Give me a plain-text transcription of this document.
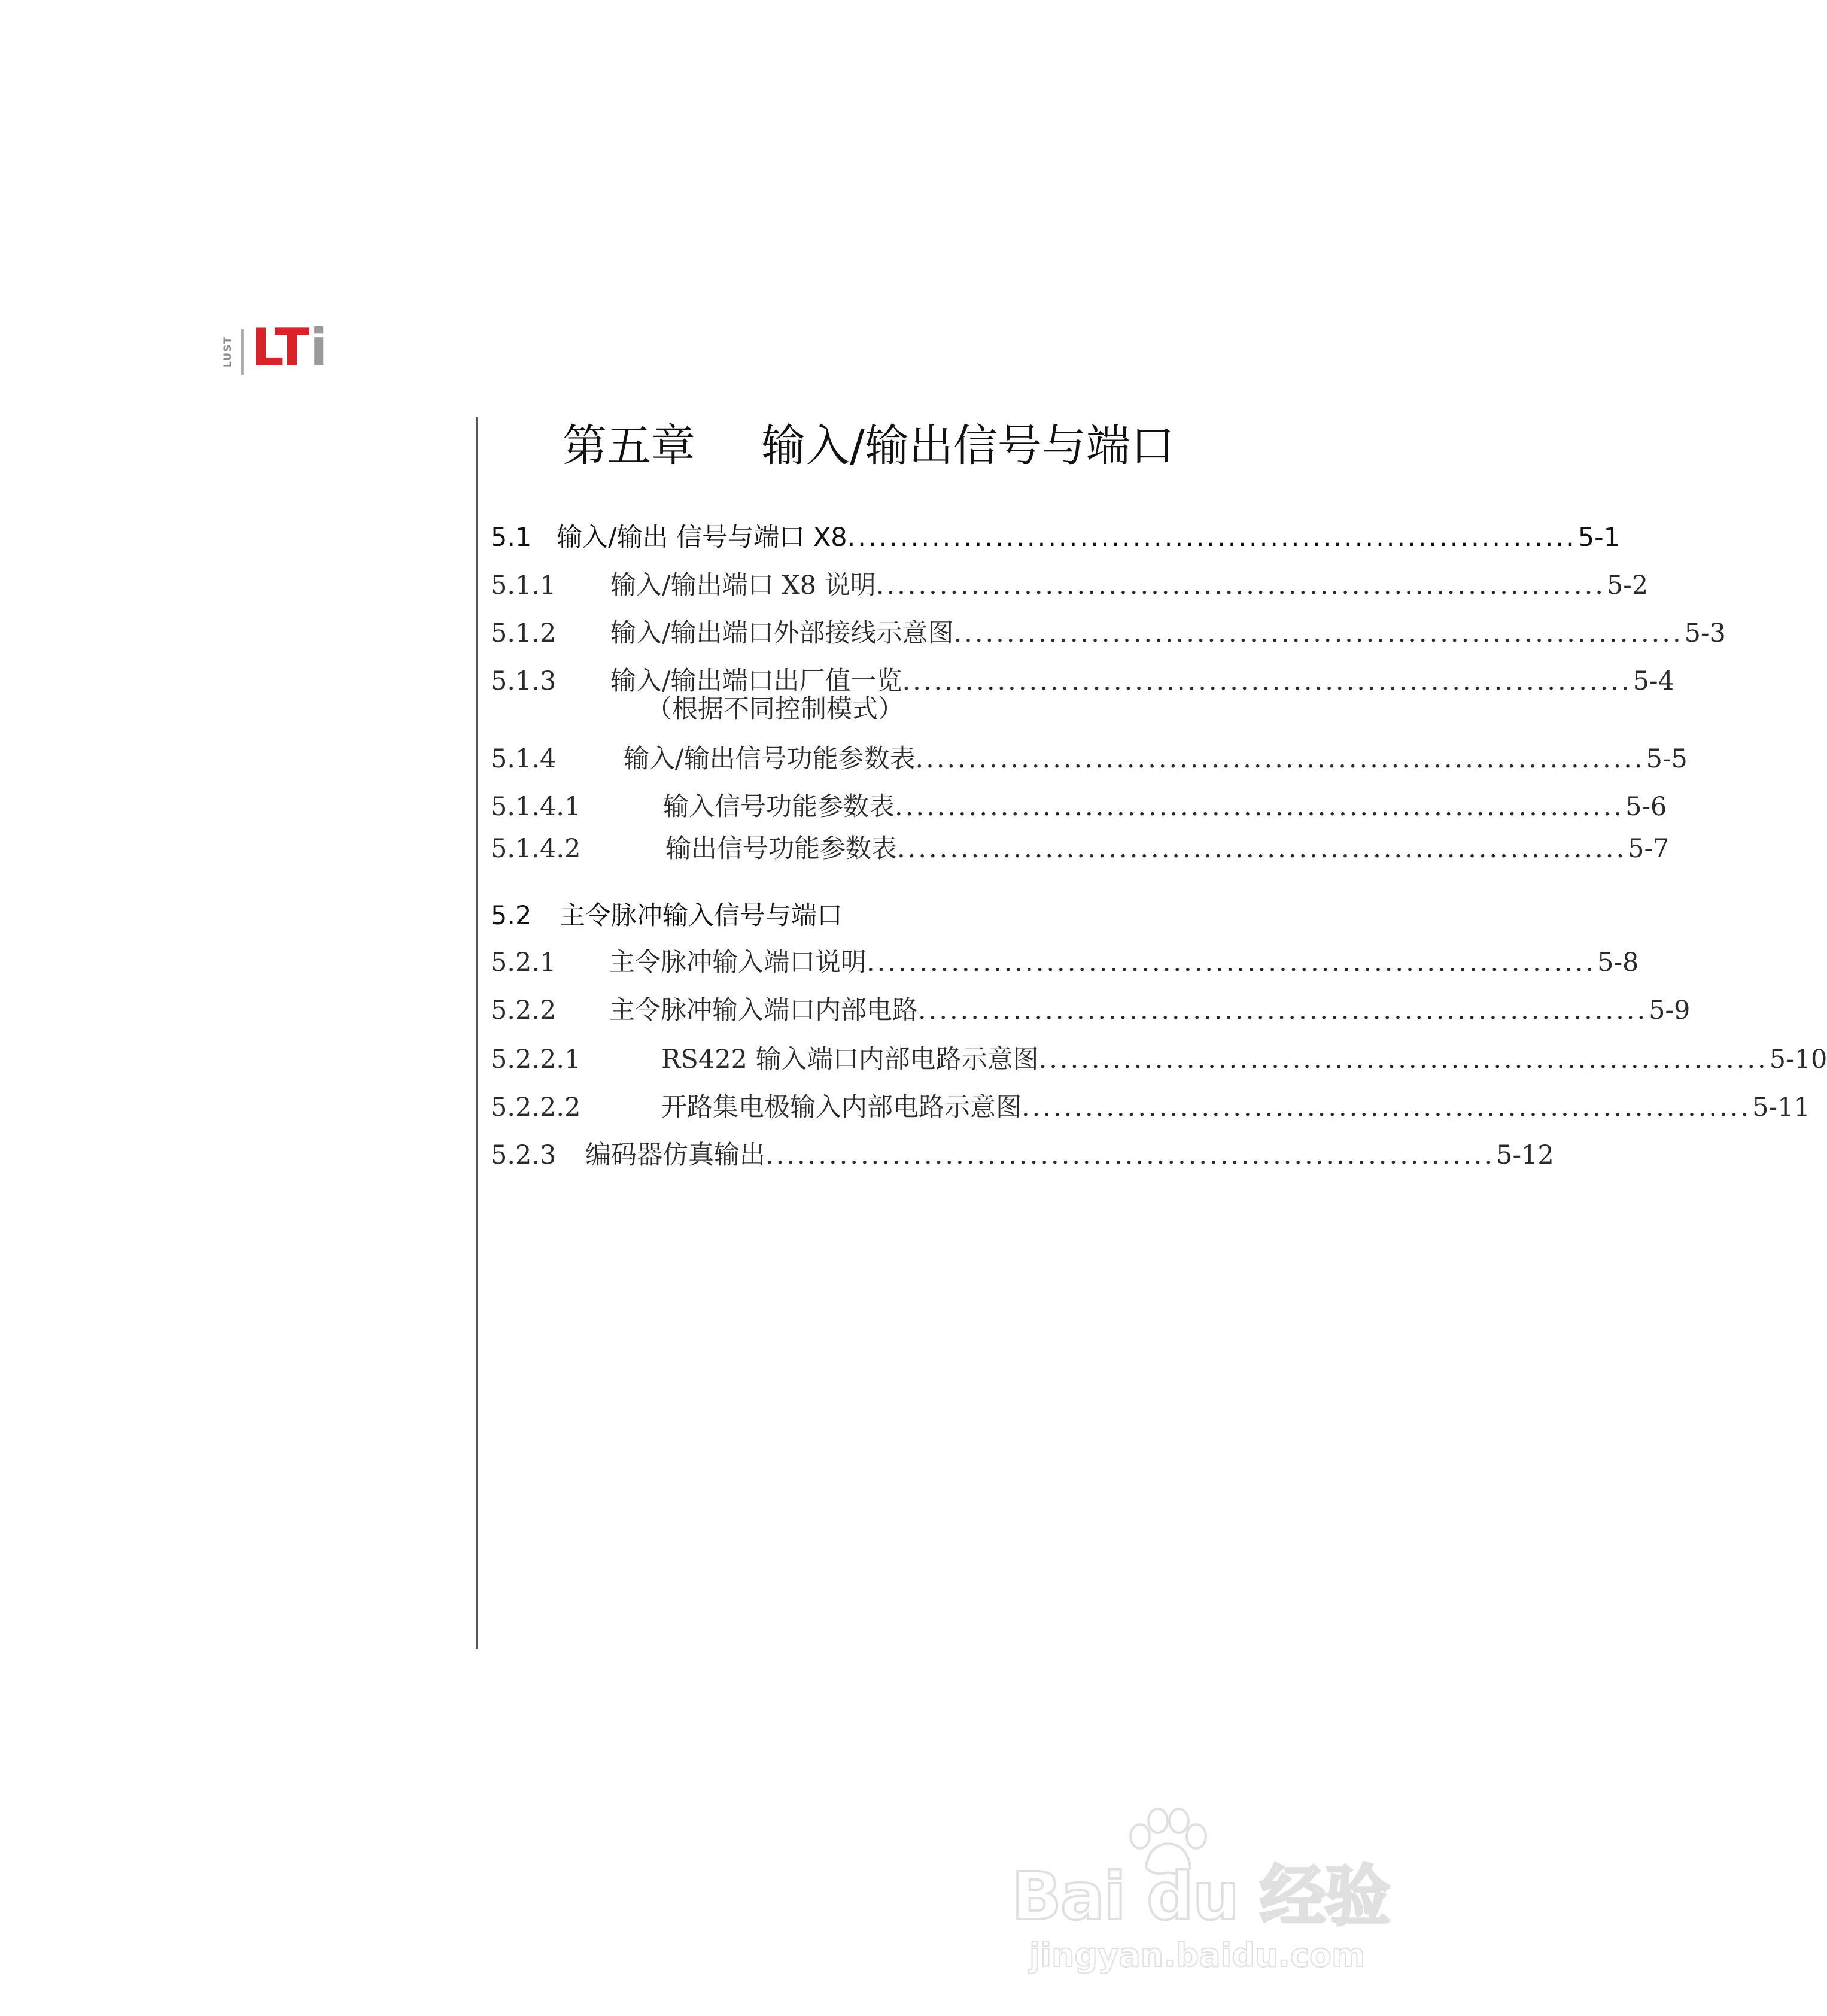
LUST LT i
第五章 输入/输出信号与端口
5.1 输入/输出 信号与端口 X8 ..................................................................... 5-1
5.1.1 输入/输出端口 X8 说明 ..................................................................... 5-2
5.1.2 输入/输出端口外部接线示意图 ..................................................................... 5-3
5.1.3 输入/输出端口出厂值一览 ..................................................................... 5-4
（根据不同控制模式）
5.1.4	输入/输出信号功能参数表 ..................................................................... 5-5
5.1.4.1	输入信号功能参数表 ..................................................................... 5-6
5.1.4.2	输出信号功能参数表 ..................................................................... 5-7
5.2 主令脉冲输入信号与端口
5.2.1 主令脉冲输入端口说明 ..................................................................... 5-8
5.2.2 主令脉冲输入端口内部电路 ..................................................................... 5-9
5.2.2.1	RS422 输入端口内部电路示意图 ..................................................................... 5-10
5.2.2.2	开路集电极输入内部电路示意图 ..................................................................... 5-11
5.2.3 编码器仿真输出 ..................................................................... 5-12
Bai du 经验
jingyan.baidu.com
